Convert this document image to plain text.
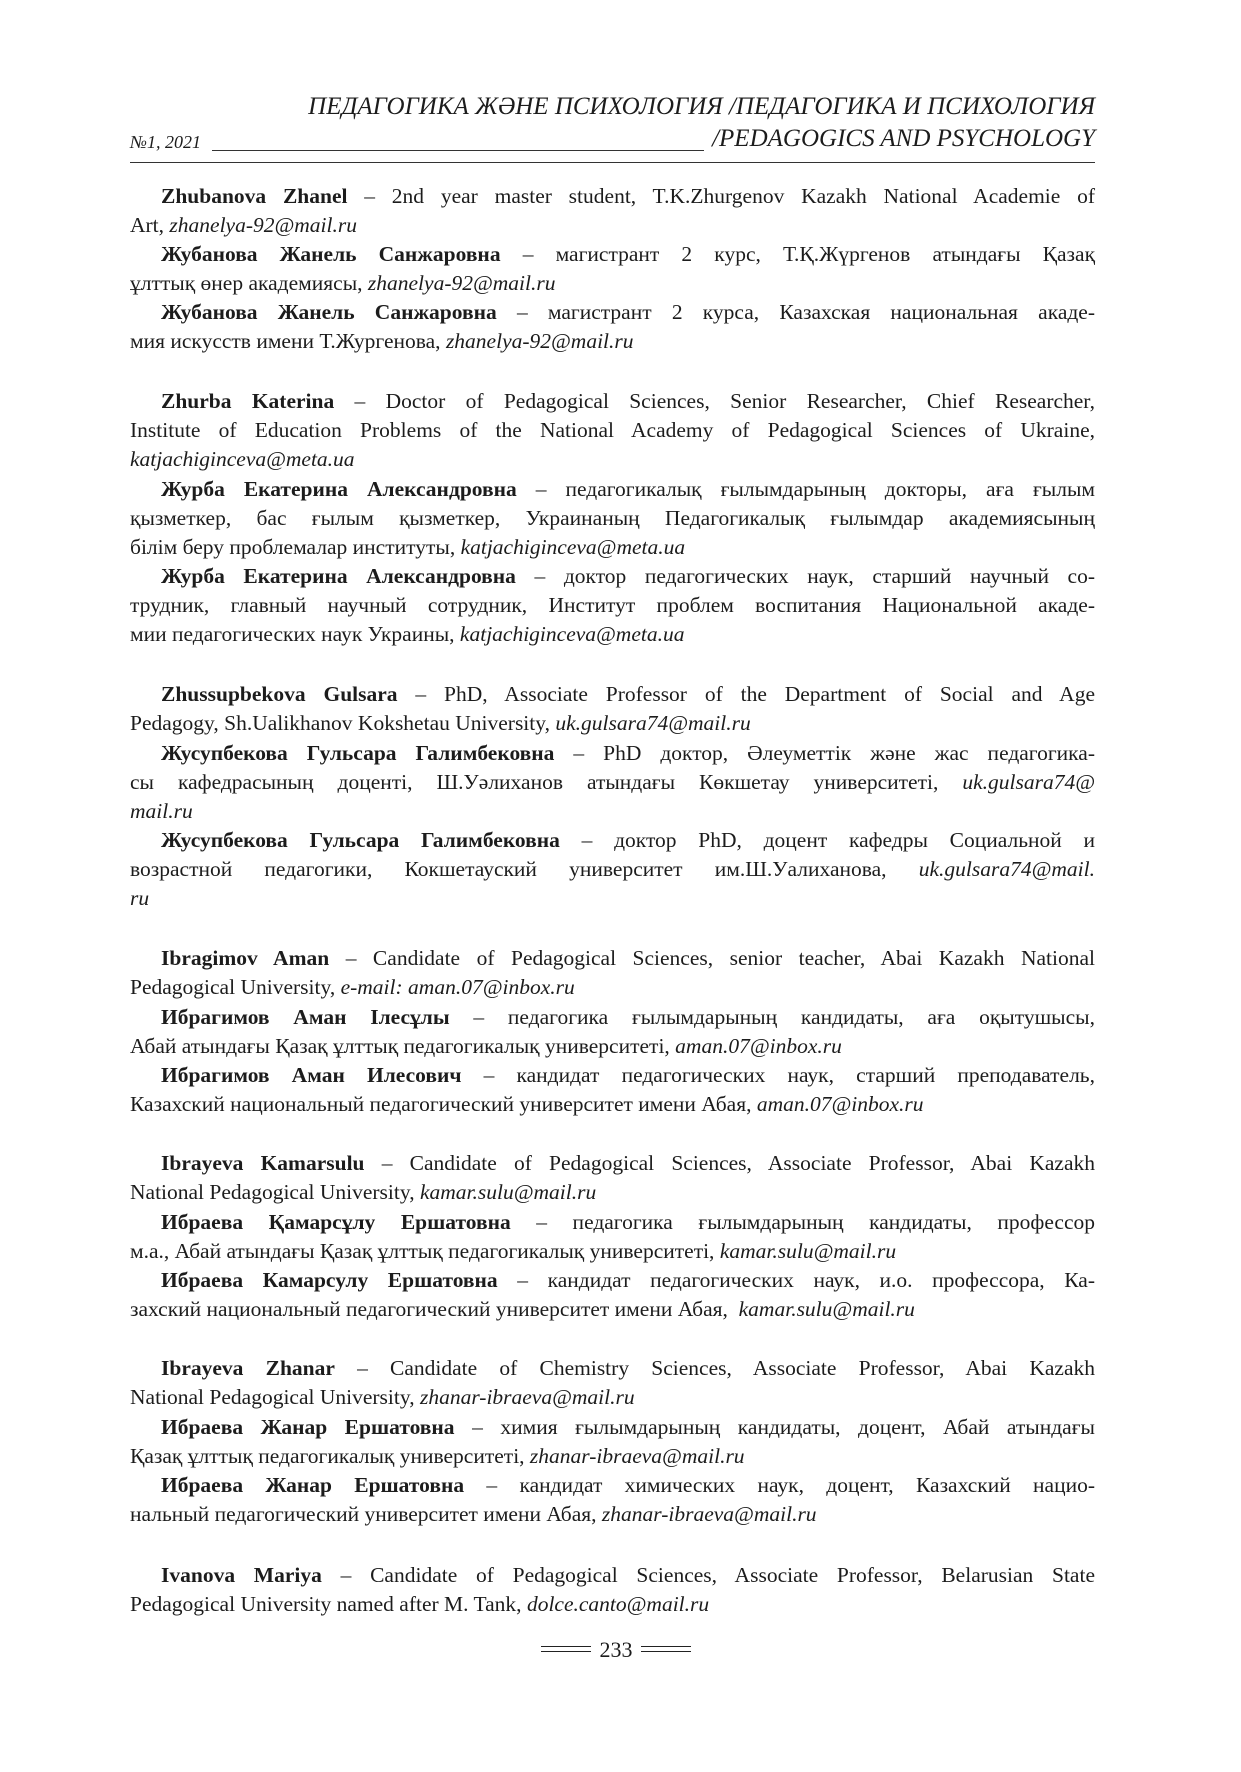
ПЕДАГОГИКА ЖӘНЕ ПСИХОЛОГИЯ /ПЕДАГОГИКА И ПСИХОЛОГИЯ
№1, 2021	/PEDAGOGICS AND PSYCHOLOGY
Zhubanova Zhanel – 2nd year master student, T.K.Zhurgenov Kazakh National Academie of
Art, zhanelya-92@mail.ru
Жубанова Жанель Санжаровна – магистрант 2 курс, Т.Қ.Жүргенов атындағы Қазақ
ұлттық өнер академиясы, zhanelya-92@mail.ru
Жубанова Жанель Санжаровна – магистрант 2 курса, Казахская национальная акаде-
мия искусств имени Т.Жургенова, zhanelya-92@mail.ru
Zhurba Katerina – Doctor of Pedagogical Sciences, Senior Researcher, Chief Researcher,
Institute of Education Problems of the National Academy of Pedagogical Sciences of Ukraine,
katjachiginceva@meta.ua
Журба Екатерина Александровна – педагогикалық ғылымдарының докторы, аға ғылым
қызметкер, бас ғылым қызметкер, Украинаның Педагогикалық ғылымдар академиясының
білім беру проблемалар институты, katjachiginceva@meta.ua
Журба Екатерина Александровна – доктор педагогических наук, старший научный со-
трудник, главный научный сотрудник, Институт проблем воспитания Национальной акаде-
мии педагогических наук Украины, katjachiginceva@meta.ua
Zhussupbekova Gulsara – PhD, Associate Professor of the Department of Social and Age
Pedagogy, Sh.Ualikhanov Kokshetau University, uk.gulsara74@mail.ru
Жусупбекова Гульсара Галимбековна – PhD доктор, Әлеуметтік және жас педагогика-
сы кафедрасының доценті, Ш.Уәлиханов атындағы Көкшетау университеті, uk.gulsara74@
mail.ru
Жусупбекова Гульсара Галимбековна – доктор PhD, доцент кафедры Социальной и
возрастной педагогики, Кокшетауский университет им.Ш.Уалиханова, uk.gulsara74@mail.
ru
Ibragimov Aman – Candidate of Pedagogical Sciences, senior teacher, Abai Kazakh National
Pedagogical University, e-mail: aman.07@inbox.ru
Ибрагимов Аман Ілесұлы – педагогика ғылымдарының кандидаты, аға оқытушысы,
Абай атындағы Қазақ ұлттық педагогикалық университеті, aman.07@inbox.ru
Ибрагимов Аман Илесович – кандидат педагогических наук, старший преподаватель,
Казахский национальный педагогический университет имени Абая, aman.07@inbox.ru
Ibrayeva Kamarsulu – Candidate of Pedagogical Sciences, Associate Professor, Abai Kazakh
National Pedagogical University, kamar.sulu@mail.ru
Ибраева Қамарсұлу Ершатовна – педагогика ғылымдарының кандидаты, профессор
м.а., Абай атындағы Қазақ ұлттық педагогикалық университеті, kamar.sulu@mail.ru
Ибраева Камарсулу Ершатовна – кандидат педагогических наук, и.о. профессора, Ка-
захский национальный педагогический университет имени Абая,  kamar.sulu@mail.ru
Ibrayeva Zhanar – Candidate of Chemistry Sciences, Associate Professor, Abai Kazakh
National Pedagogical University, zhanar-ibraeva@mail.ru
Ибраева Жанар Ершатовна – химия ғылымдарының кандидаты, доцент, Абай атындағы
Қазақ ұлттық педагогикалық университеті, zhanar-ibraeva@mail.ru
Ибраева Жанар Ершатовна – кандидат химических наук, доцент, Казахский нацио-
нальный педагогический университет имени Абая, zhanar-ibraeva@mail.ru
Ivanova Mariya – Candidate of Pedagogical Sciences, Associate Professor, Belarusian State
Pedagogical University named after M. Tank, dolce.canto@mail.ru
233
